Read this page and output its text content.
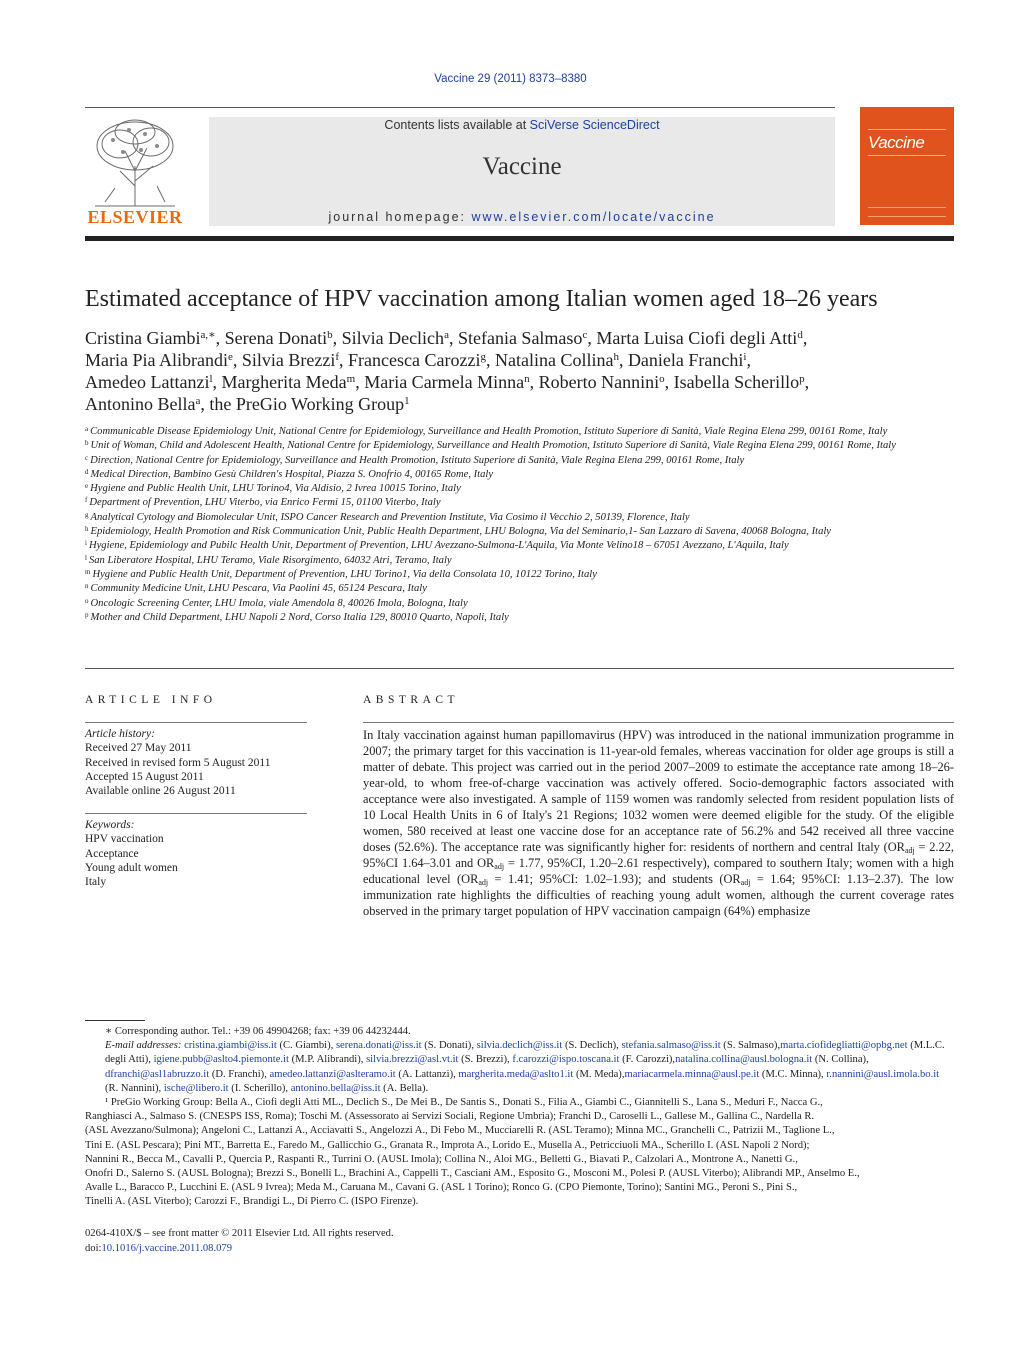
Vaccine 29 (2011) 8373–8380
ELSEVIER
Contents lists available at SciVerse ScienceDirect
Vaccine
journal homepage: www.elsevier.com/locate/vaccine
Vaccine
Estimated acceptance of HPV vaccination among Italian women aged 18–26 years
Cristina Giambi$^{a,∗}$, Serena Donati$^b$, Silvia Declich$^a$, Stefania Salmaso$^c$, Marta Luisa Ciofi degli Atti$^d$,
Maria Pia Alibrandi$^e$, Silvia Brezzi$^f$, Francesca Carozzi$^g$, Natalina Collina$^h$, Daniela Franchi$^i$,
Amedeo Lattanzi$^l$, Margherita Meda$^m$, Maria Carmela Minna$^n$, Roberto Nannini$^o$, Isabella Scherillo$^p$,
Antonino Bella$^a$, the PreGio Working Group$^1$
$^a$ Communicable Disease Epidemiology Unit, National Centre for Epidemiology, Surveillance and Health Promotion, Istituto Superiore di Sanità, Viale Regina Elena 299, 00161 Rome, Italy
$^b$ Unit of Woman, Child and Adolescent Health, National Centre for Epidemiology, Surveillance and Health Promotion, Istituto Superiore di Sanità, Viale Regina Elena 299, 00161 Rome, Italy
$^c$ Direction, National Centre for Epidemiology, Surveillance and Health Promotion, Istituto Superiore di Sanità, Viale Regina Elena 299, 00161 Rome, Italy
$^d$ Medical Direction, Bambino Gesù Children's Hospital, Piazza S. Onofrio 4, 00165 Rome, Italy
$^e$ Hygiene and Public Health Unit, LHU Torino4, Via Aldisio, 2 Ivrea 10015 Torino, Italy
$^f$ Department of Prevention, LHU Viterbo, via Enrico Fermi 15, 01100 Viterbo, Italy
$^g$ Analytical Cytology and Biomolecular Unit, ISPO Cancer Research and Prevention Institute, Via Cosimo il Vecchio 2, 50139, Florence, Italy
$^h$ Epidemiology, Health Promotion and Risk Communication Unit, Public Health Department, LHU Bologna, Via del Seminario,1- San Lazzaro di Savena, 40068 Bologna, Italy
$^i$ Hygiene, Epidemiology and Pubilc Health Unit, Department of Prevention, LHU Avezzano-Sulmona-L'Aquila, Via Monte Velino18 – 67051 Avezzano, L'Aquila, Italy
$^l$ San Liberatore Hospital, LHU Teramo, Viale Risorgimento, 64032 Atri, Teramo, Italy
$^m$ Hygiene and Public Health Unit, Department of Prevention, LHU Torino1, Via della Consolata 10, 10122 Torino, Italy
$^n$ Community Medicine Unit, LHU Pescara, Via Paolini 45, 65124 Pescara, Italy
$^o$ Oncologic Screening Center, LHU Imola, viale Amendola 8, 40026 Imola, Bologna, Italy
$^p$ Mother and Child Department, LHU Napoli 2 Nord, Corso Italia 129, 80010 Quarto, Napoli, Italy
ARTICLE INFO
Article history:
Received 27 May 2011
Received in revised form 5 August 2011
Accepted 15 August 2011
Available online 26 August 2011
Keywords:
HPV vaccination
Acceptance
Young adult women
Italy
ABSTRACT
In Italy vaccination against human papillomavirus (HPV) was introduced in the national immunization programme in 2007; the primary target for this vaccination is 11-year-old females, whereas vaccination for older age groups is still a matter of debate. This project was carried out in the period 2007–2009 to estimate the acceptance rate among 18–26-year-old, to whom free-of-charge vaccination was actively offered. Socio-demographic factors associated with acceptance were also investigated. A sample of 1159 women was randomly selected from resident population lists of 10 Local Health Units in 6 of Italy's 21 Regions; 1032 women were deemed eligible for the study. Of the eligible women, 580 received at least one vaccine dose for an acceptance rate of 56.2% and 542 received all three vaccine doses (52.6%). The acceptance rate was significantly higher for: residents of northern and central Italy ($OR_{adj} = 2.22$, 95%CI 1.64–3.01 and $OR_{adj} = 1.77$, 95%CI, 1.20–2.61 respectively), compared to southern Italy; women with a high educational level ($OR_{adj} = 1.41$; 95%CI: 1.02–1.93); and students ($OR_{adj} = 1.64$; 95%CI: 1.13–2.37). The low immunization rate highlights the difficulties of reaching young adult women, although the current coverage rates observed in the primary target population of HPV vaccination campaign (64%) emphasize
∗ Corresponding author. Tel.: +39 06 49904268; fax: +39 06 44232444.
E-mail addresses: cristina.giambi@iss.it (C. Giambi), serena.donati@iss.it (S. Donati), silvia.declich@iss.it (S. Declich), stefania.salmaso@iss.it (S. Salmaso),marta.ciofidegliatti@opbg.net (M.L.C. degli Atti), igiene.pubb@aslto4.piemonte.it (M.P. Alibrandi), silvia.brezzi@asl.vt.it (S. Brezzi), f.carozzi@ispo.toscana.it (F. Carozzi),natalina.collina@ausl.bologna.it (N. Collina), dfranchi@asl1abruzzo.it (D. Franchi), amedeo.lattanzi@aslteramo.it (A. Lattanzi), margherita.meda@aslto1.it (M. Meda),mariacarmela.minna@ausl.pe.it (M.C. Minna), r.nannini@ausl.imola.bo.it (R. Nannini), ische@libero.it (I. Scherillo), antonino.bella@iss.it (A. Bella).
¹ PreGio Working Group: Bella A., Ciofi degli Atti ML., Declich S., De Mei B., De Santis S., Donati S., Filia A., Giambi C., Giannitelli S., Lana S., Meduri F., Nacca G.,
Ranghiasci A., Salmaso S. (CNESPS ISS, Roma); Toschi M. (Assessorato ai Servizi Sociali, Regione Umbria); Franchi D., Caroselli L., Gallese M., Gallina C., Nardella R.
(ASL Avezzano/Sulmona); Angeloni C., Lattanzi A., Acciavatti S., Angelozzi A., Di Febo M., Mucciarelli R. (ASL Teramo); Minna MC., Granchelli C., Patrizii M., Taglione L.,
Tini E. (ASL Pescara); Pini MT., Barretta E., Faredo M., Gallicchio G., Granata R., Improta A., Lorido E., Musella A., Petricciuoli MA., Scherillo I. (ASL Napoli 2 Nord);
Nannini R., Becca M., Cavalli P., Quercia P., Raspanti R., Turrini O. (AUSL Imola); Collina N., Aloi MG., Belletti G., Biavati P., Calzolari A., Montrone A., Nanetti G.,
Onofri D., Salerno S. (AUSL Bologna); Brezzi S., Bonelli L., Brachini A., Cappelli T., Casciani AM., Esposito G., Mosconi M., Polesi P. (AUSL Viterbo); Alibrandi MP., Anselmo E.,
Avalle L., Baracco P., Lucchini E. (ASL 9 Ivrea); Meda M., Caruana M., Cavani G. (ASL 1 Torino); Ronco G. (CPO Piemonte, Torino); Santini MG., Peroni S., Pini S.,
Tinelli A. (ASL Viterbo); Carozzi F., Brandigi L., Di Pierro C. (ISPO Firenze).
0264-410X/$ – see front matter © 2011 Elsevier Ltd. All rights reserved.
doi:10.1016/j.vaccine.2011.08.079
